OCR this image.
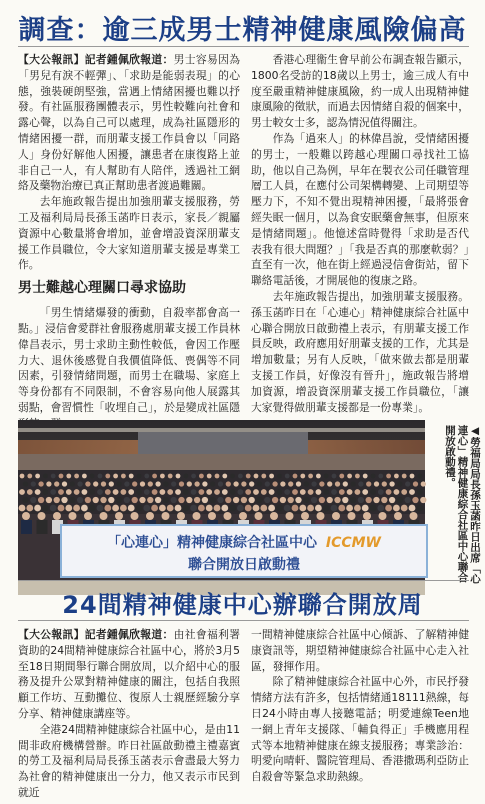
調查：逾三成男士精神健康風險偏高

【大公報訊】記者鍾佩欣報道：男士容易因為「男兒有淚不輕彈」、「求助是能弱表現」的心態，強裝硬朗堅強，當遇上情緒困擾也難以抒發。有社區服務團體表示，男性較難向社會和露心聲，以為自己可以處理，成為社區隱形的情緒困擾一群，而朋輩支援工作員會以「同路人」身份好解他人困擾，讓患者在康復路上並非自己一人，有人幫助有人陪伴，透過社工網絡及藥物治療已真正幫助患者渡過難關。

去年施政報告提出加強朋輩支援服務，勞工及福利局局長孫玉菡昨日表示，家長／親屬資源中心數量將會增加，並會增設資深朋輩支援工作員職位，令大家知道朋輩支援是專業工作。

男士難越心理關口尋求協助

「男生情緒爆發的衝動，自殺率都會高一點。」浸信會愛群社會服務處朋輩支援工作員林偉昌表示，男士求助主動性較低，會因工作壓力大、退休後感覺自我價值降低、喪偶等不同因素，引發情緒問題，而男士在職場、家庭上等身份都有不同限制，不會容易向他人展露其弱點，會習慣性「收埋自己」，於是變成社區隱

香港心理衞生會早前公布調查報告顯示，1800名受訪的18歲以上男士，逾三成人有中度至嚴重精神健康風險，約一成人出現精神健康風險的徵狀，而過去因情緒自殺的個案中，男士較女士多，認為情況值得關注。

作為「過來人」的林偉昌說，受情緒困擾的男士，一般難以跨越心理關口尋找社工協助，他以自己為例，早年在製衣公司任職管理層工人員，在應付公司架構轉變、上司期望等壓力下，不知不覺出現精神困擾，「最將張會經失眠一個月，以為食安眠藥會無事，但原來是情緒問題」。他憶述當時覺得「求助是否代表我有很大問題？」「我是否真的那麼軟弱？」直至有一次，他在街上經過浸信會街站，留下聯絡電話後，才開展他的復康之路。

去年施政報告提出，加強朋輩支援服務。孫玉菡昨日在「心連心」精神健康綜合社區中心聯合開放日啟動禮上表示，有朋輩支援工作員反映，政府應用好朋輩支援的工作，尤其是增加數量；另有人反映，「做來做去都是朋輩支援工作員，好像沒有晉升」，施政報告將增加資源，增設資深朋輩支援工作員職位，「讓大家覺得做朋輩支援都是一份專業」。

「心連心」精神健康綜合社區中心 ICCMW
聯合開放日啟動禮	◀勞福局局長孫玉菡昨日出席「心連心」精神健康綜合社區中心聯合開放啟動禮。
24間精神健康中心辦聯合開放周

【大公報訊】記者鍾佩欣報道：由社會福利署資助的24間精神健康綜合社區中心，將於3月5至18日期間舉行聯合開放周，以介紹中心的服務及提升公眾對精神健康的關注，包括自我照顧工作坊、互動攤位、復原人士親歷經驗分享分享、精神健康講座等。

全港24間精神健康綜合社區中心，是由11間非政府機構營辦。昨日社區啟動禮主禮嘉賓的勞工及福利局局長孫玉菡表示會盡最大努力為社會的精神健康出一分力，他又表示市民到就近

一間精神健康綜合社區中心傾訴、了解精神健康資訊等，期望精神健康綜合社區中心走入社區，發揮作用。

除了精神健康綜合社區中心外，市民抒發情緒方法有許多，包括情緒通18111熱線，每日24小時由專人接聽電話；明愛連線Teen地一網上青年支援隊、「輔負得正」手機應用程式等本地精神健康在線支援服務；專業診治：明愛向晴軒、醫院管理局、香港撒瑪利亞防止自殺會等緊急求助熱線。
